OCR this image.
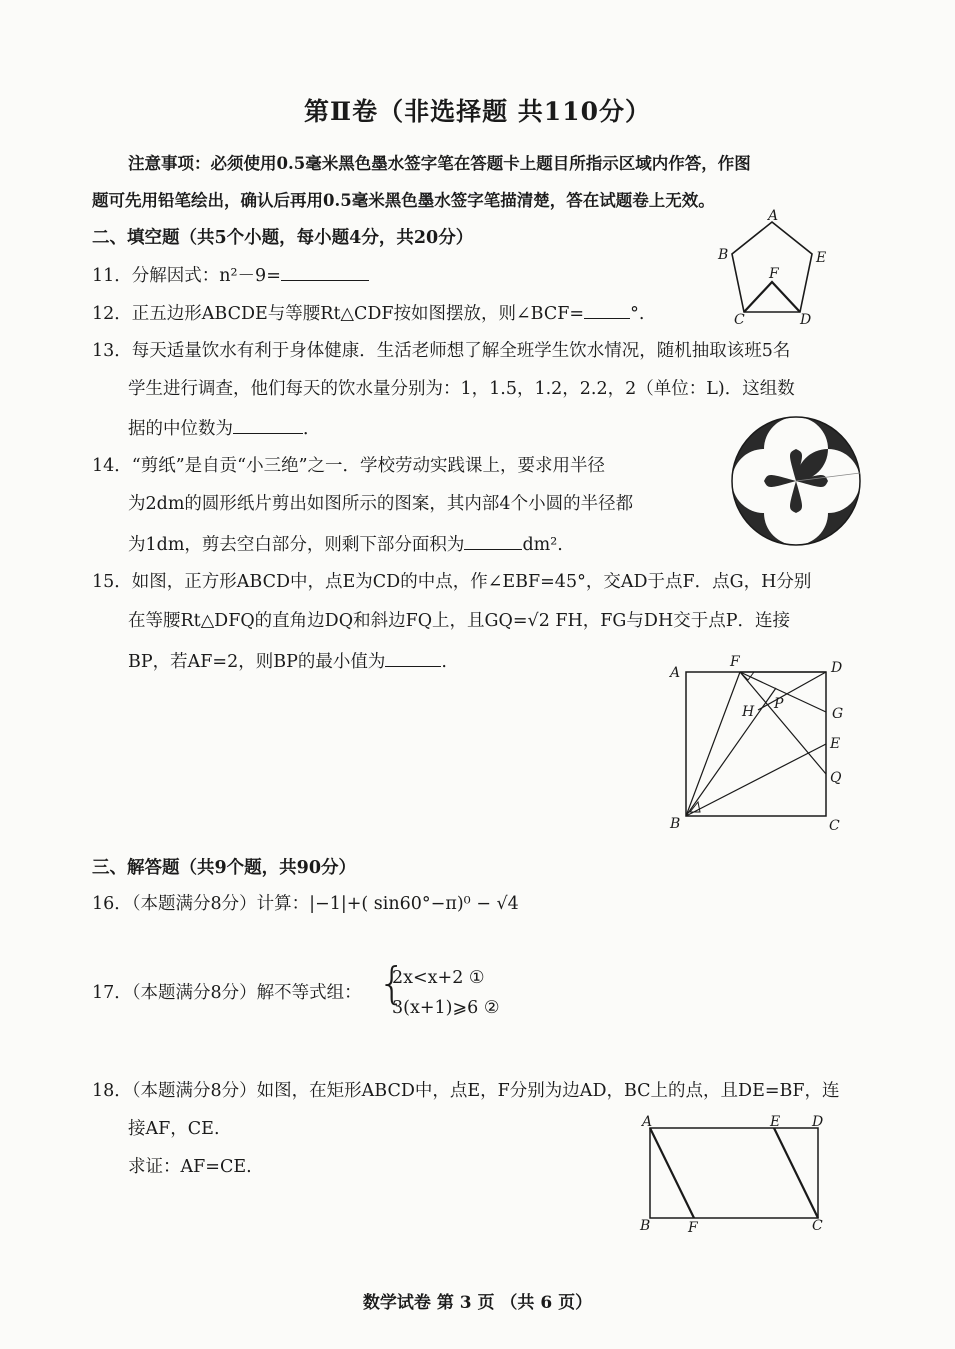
第Ⅱ卷（非选择题 共110分）
注意事项：必须使用0.5毫米黑色墨水签字笔在答题卡上题目所指示区域内作答，作图
题可先用铅笔绘出，确认后再用0.5毫米黑色墨水签字笔描清楚，答在试题卷上无效。
二、填空题（共5个小题，每小题4分，共20分）
11．分解因式：n²－9=
12．正五边形ABCDE与等腰Rt△CDF按如图摆放，则∠BCF=	°.
A
B	E
F
C	D
13．每天适量饮水有利于身体健康．生活老师想了解全班学生饮水情况，随机抽取该班5名
学生进行调查，他们每天的饮水量分别为：1，1.5，1.2，2.2，2（单位：L)．这组数
据的中位数为	．
14．“剪纸”是自贡“小三绝”之一．学校劳动实践课上，要求用半径
为2dm的圆形纸片剪出如图所示的图案，其内部4个小圆的半径都
为1dm，剪去空白部分，则剩下部分面积为	dm².
15．如图，正方形ABCD中，点E为CD的中点，作∠EBF=45°，交AD于点F．点G，H分别
在等腰Rt△DFQ的直角边DQ和斜边FQ上，且GQ=√2 FH，FG与DH交于点P．连接
BP，若AF=2，则BP的最小值为	.
A
F	D
H P
G
E
Q
B	C
三、解答题（共9个题，共90分）
16．（本题满分8分）计算：|−1|+( sin60°−π)⁰ − √4
17．（本题满分8分）解不等式组： {
2x<x+2 ①
3(x+1)⩾6 ②
18．（本题满分8分）如图，在矩形ABCD中，点E，F分别为边AD，BC上的点，且DE=BF，连
接AF，CE.
求证：AF=CE.
A	E D
B	F	C
数学试卷 第 3 页 （共 6 页）
